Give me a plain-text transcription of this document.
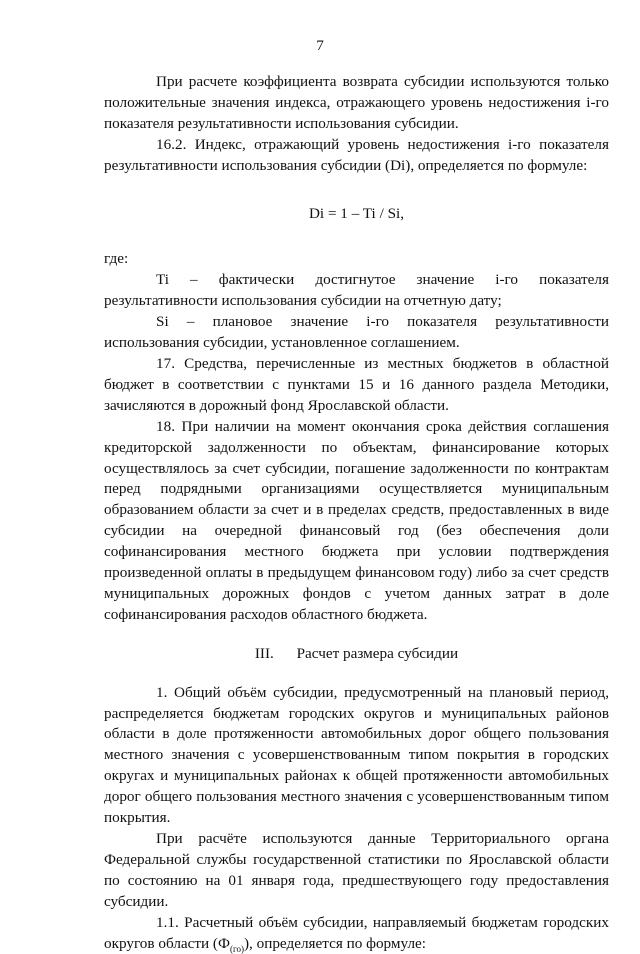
7

При расчете коэффициента возврата субсидии используются только положительные значения индекса, отражающего уровень недостижения i-го показателя результативности использования субсидии.

16.2. Индекс, отражающий уровень недостижения i-го показателя результативности использования субсидии (Di), определяется по формуле:

Di = 1 – Ti / Si,

где:

Ti – фактически достигнутое значение i-го показателя результативности использования субсидии на отчетную дату;

Si – плановое значение i-го показателя результативности использования субсидии, установленное соглашением.

17. Средства, перечисленные из местных бюджетов в областной бюджет в соответствии с пунктами 15 и 16 данного раздела Методики, зачисляются в дорожный фонд Ярославской области.

18. При наличии на момент окончания срока действия соглашения кредиторской задолженности по объектам, финансирование которых осуществлялось за счет субсидии, погашение задолженности по контрактам перед подрядными организациями осуществляется муниципальным образованием области за счет и в пределах средств, предоставленных в виде субсидии на очередной финансовый год (без обеспечения доли софинансирования местного бюджета при условии подтверждения произведенной оплаты в предыдущем финансовом году) либо за счет средств муниципальных дорожных фондов с учетом данных затрат в доле софинансирования расходов областного бюджета.

III.      Расчет размера субсидии

1. Общий объём субсидии, предусмотренный на плановый период, распределяется бюджетам городских округов и муниципальных районов области в доле протяженности автомобильных дорог общего пользования местного значения с усовершенствованным типом покрытия в городских округах и муниципальных районах к общей протяженности автомобильных дорог общего пользования местного значения с усовершенствованным типом покрытия.

При расчёте используются данные Территориального органа Федеральной службы государственной статистики по Ярославской области по состоянию на 01 января года, предшествующего году предоставления субсидии.

1.1. Расчетный объём субсидии, направляемый бюджетам городских округов области $(Ф_{(го)})$, определяется по формуле:
